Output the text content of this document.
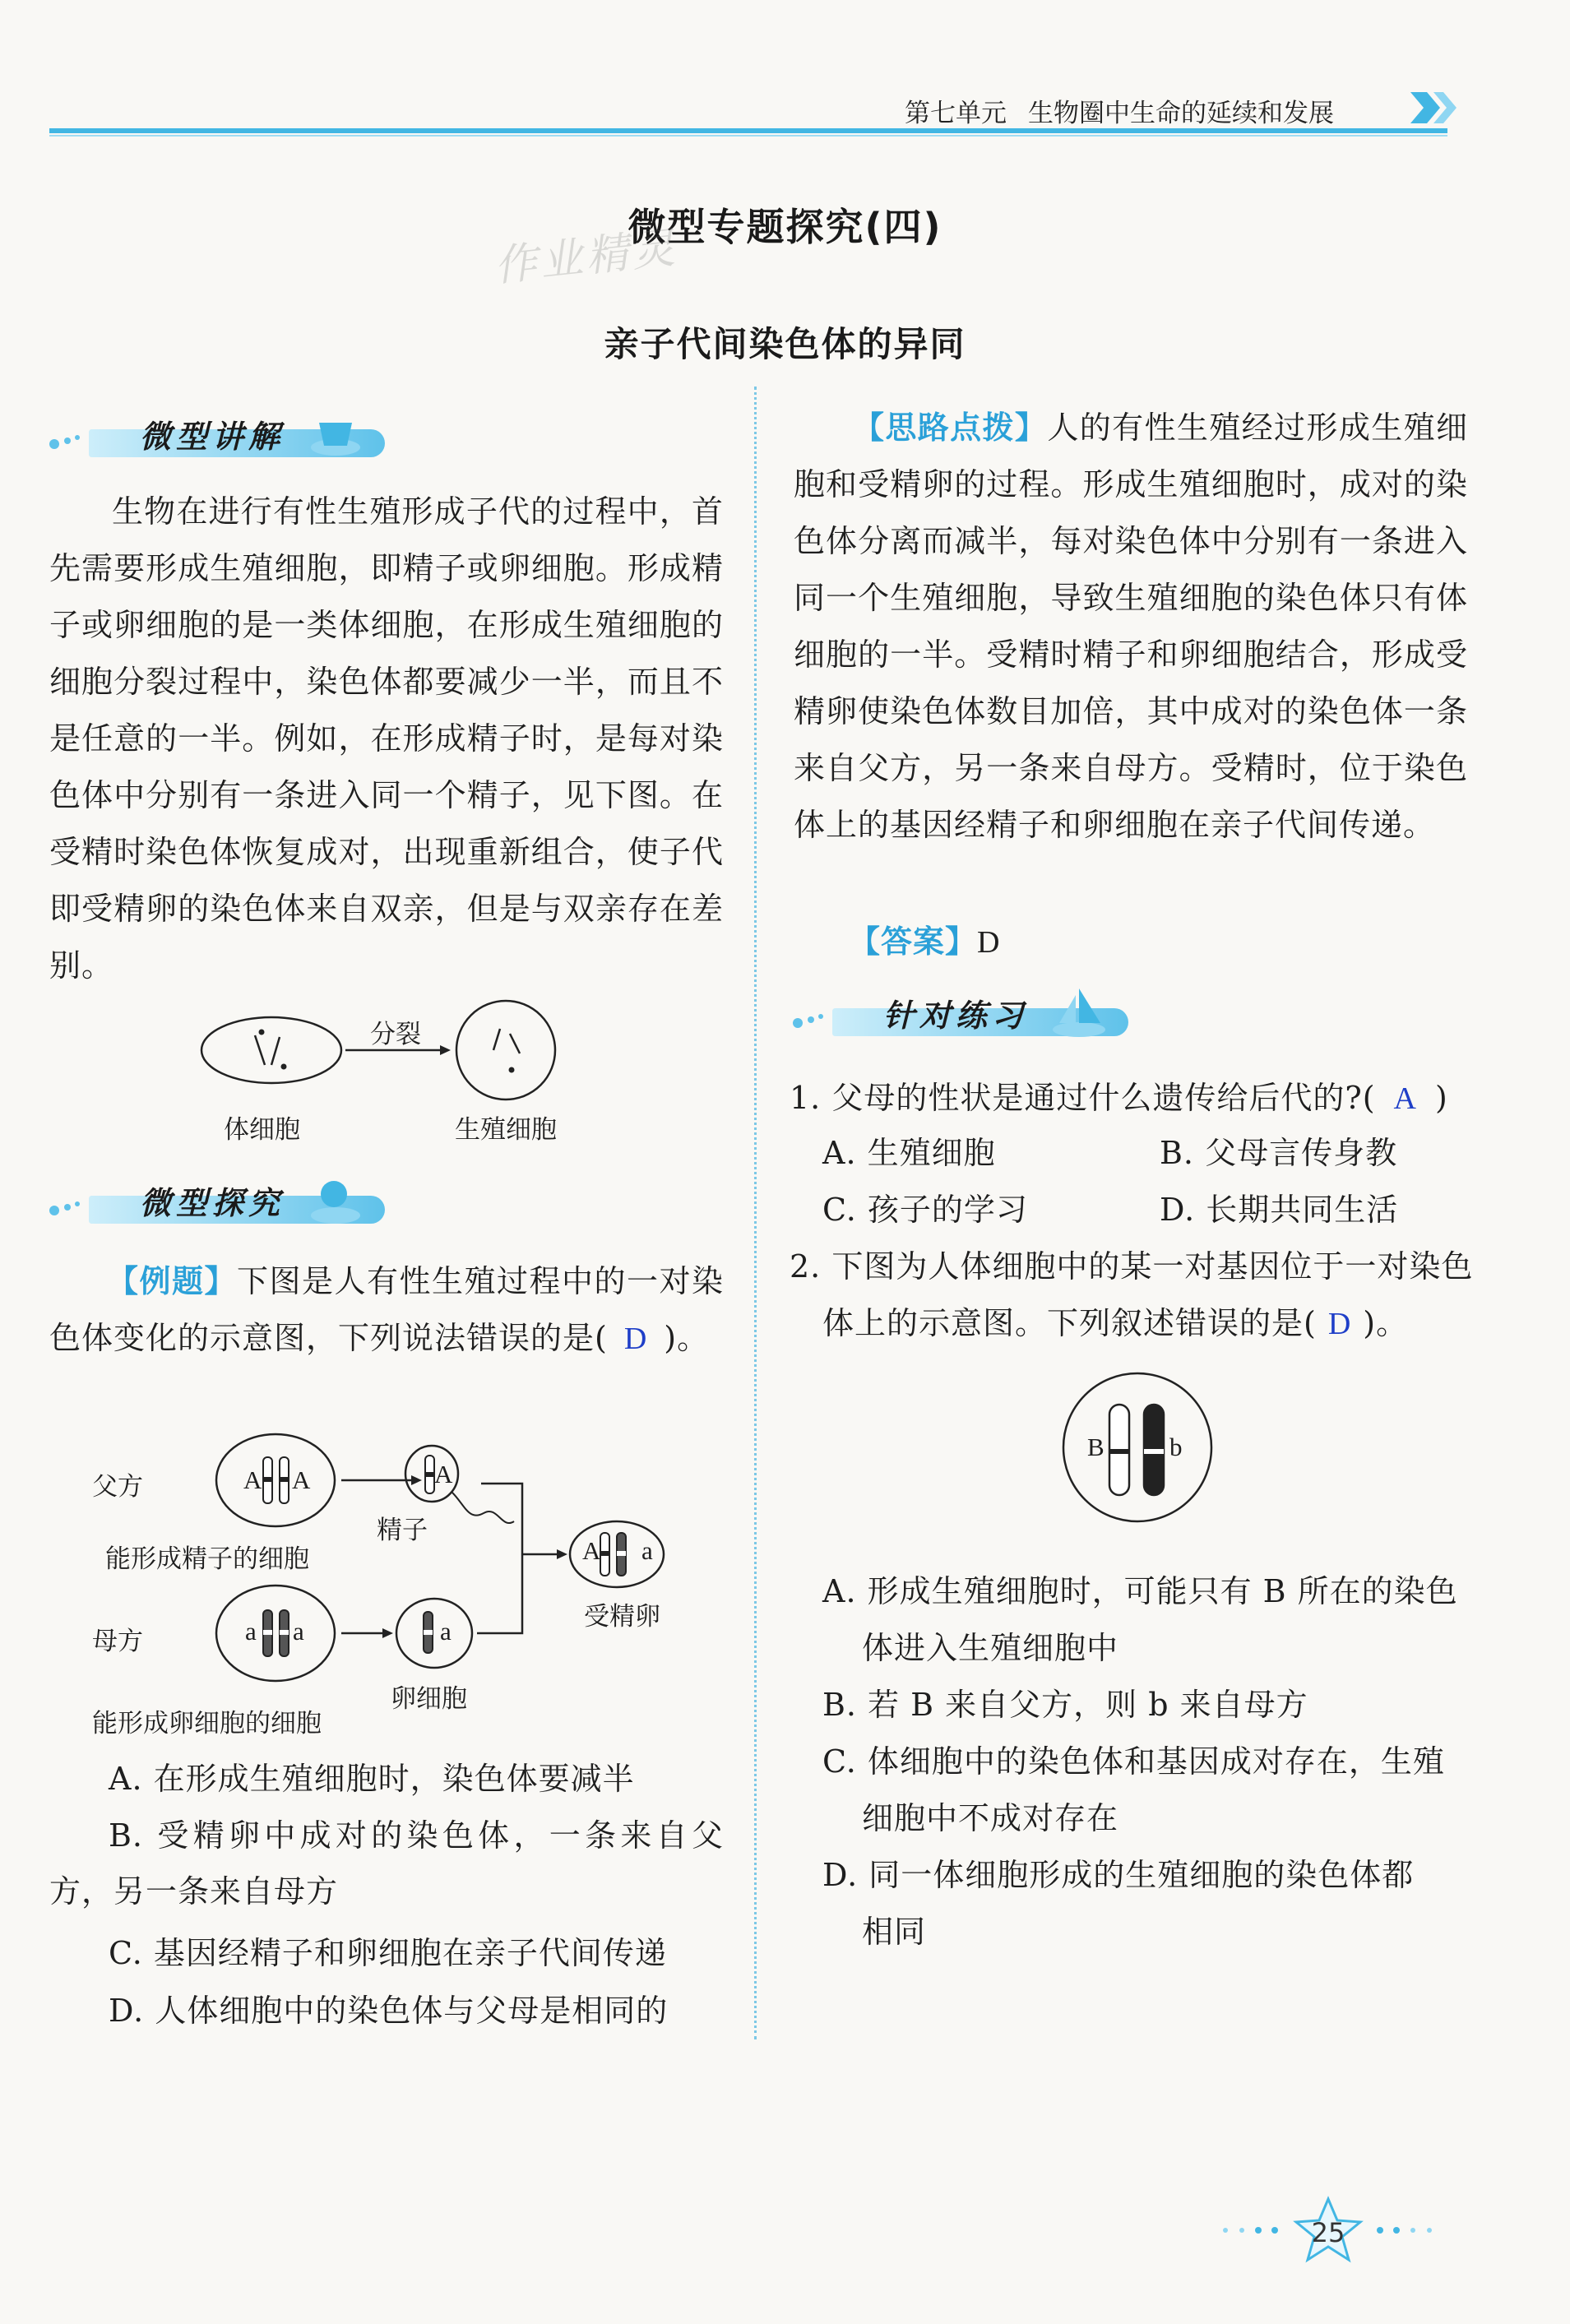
第七单元 生物圈中生命的延续和发展
微型专题探究(四)
作业精灵
亲子代间染色体的异同
微型讲解

生物在进行有性生殖形成子代的过程中，首先需要形成生殖细胞，即精子或卵细胞。形成精子或卵细胞的是一类体细胞，在形成生殖细胞的细胞分裂过程中，染色体都要减少一半，而且不是任意的一半。例如，在形成精子时，是每对染色体中分别有一条进入同一个精子，见下图。在受精时染色体恢复成对，出现重新组合，使子代即受精卵的染色体来自双亲，但是与双亲存在差别。

分裂
体细胞	生殖细胞
微型探究

【例题】下图是人有性生殖过程中的一对染色体变化的示意图，下列说法错误的是( D )。

父方	A A	A
精子
能形成精子的细胞	A a
受精卵
母方	a a	a
卵细胞
能形成卵细胞的细胞
A. 在形成生殖细胞时，染色体要减半

B. 受精卵中成对的染色体，一条来自父方，另一条来自母方

C. 基因经精子和卵细胞在亲子代间传递
D. 人体细胞中的染色体与父母是相同的

【思路点拨】人的有性生殖经过形成生殖细胞和受精卵的过程。形成生殖细胞时，成对的染色体分离而减半，每对染色体中分别有一条进入同一个生殖细胞，导致生殖细胞的染色体只有体细胞的一半。受精时精子和卵细胞结合，形成受精卵使染色体数目加倍，其中成对的染色体一条来自父方，另一条来自母方。受精时，位于染色体上的基因经精子和卵细胞在亲子代间传递。

【答案】D
针对练习
1. 父母的性状是通过什么遗传给后代的?( A )
A. 生殖细胞	B. 父母言传身教
C. 孩子的学习	D. 长期共同生活
2. 下图为人体细胞中的某一对基因位于一对染色
体上的示意图。下列叙述错误的是( D )。
B	b
A. 形成生殖细胞时，可能只有 B 所在的染色
体进入生殖细胞中
B. 若 B 来自父方，则 b 来自母方
C. 体细胞中的染色体和基因成对存在，生殖
细胞中不成对存在
D. 同一体细胞形成的生殖细胞的染色体都
相同
25
